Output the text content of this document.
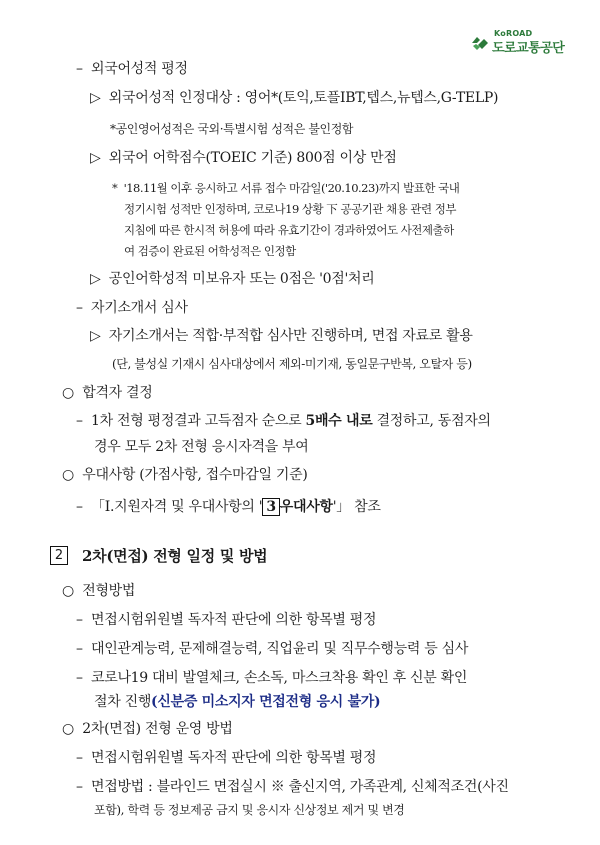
KoROAD
도로교통공단
– 외국어성적 평정
▷ 외국어성적 인정대상 : 영어*(토익,토플IBT,텝스,뉴텝스,G-TELP)
*공인영어성적은 국외·특별시험 성적은 불인정함
▷ 외국어 어학점수(TOEIC 기준) 800점 이상 만점
* '18.11월 이후 응시하고 서류 접수 마감일('20.10.23)까지 발표한 국내
정기시험 성적만 인정하며, 코로나19 상황 下 공공기관 채용 관련 정부
지침에 따른 한시적 허용에 따라 유효기간이 경과하였어도 사전제출하
여 검증이 완료된 어학성적은 인정함
▷ 공인어학성적 미보유자 또는 0점은 '0점'처리
– 자기소개서 심사
▷ 자기소개서는 적합·부적합 심사만 진행하며, 면접 자료로 활용
(단, 불성실 기재시 심사대상에서 제외-미기재, 동일문구반복, 오탈자 등)
○ 합격자 결정
– 1차 전형 평정결과 고득점자 순으로 5배수 내로 결정하고, 동점자의
경우 모두 2차 전형 응시자격을 부여
○ 우대사항 (가점사항, 접수마감일 기준)
– 「Ⅰ.지원자격 및 우대사항의 ' 3 우대사항'」 참조
2	2차(면접) 전형 일정 및 방법
○ 전형방법
– 면접시험위원별 독자적 판단에 의한 항목별 평정
– 대인관계능력, 문제해결능력, 직업윤리 및 직무수행능력 등 심사
– 코로나19 대비 발열체크, 손소독, 마스크착용 확인 후 신분 확인
절차 진행(신분증 미소지자 면접전형 응시 불가)
○ 2차(면접) 전형 운영 방법
– 면접시험위원별 독자적 판단에 의한 항목별 평정
– 면접방법 : 블라인드 면접실시 ※ 출신지역, 가족관계, 신체적조건(사진
포함), 학력 등 정보제공 금지 및 응시자 신상정보 제거 및 변경
